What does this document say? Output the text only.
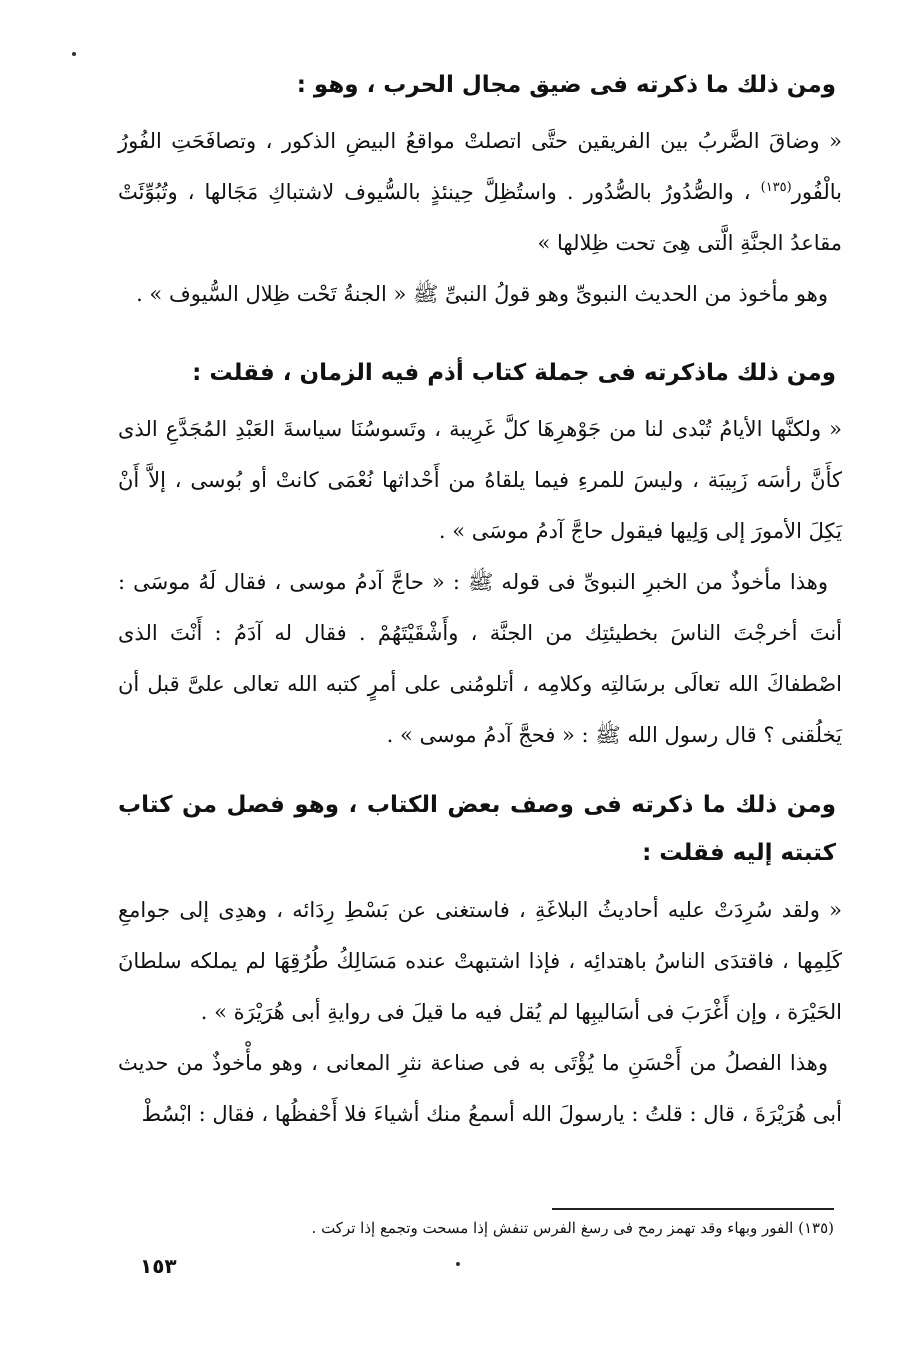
ومن ذلك ما ذكرته فى ضيق مجال الحرب ، وهو :

« وضاقَ الضَّربُ بين الفريقين حتَّى اتصلتْ مواقعُ البيضِ الذكور ، وتصافَحَتِ الفُورُ بالْفُور$^{(١٣٥)}$ ، والصُّدُورُ بالصُّدُور . واستُظِلَّ حِينئذٍ بالسُّيوف لاشتباكِ مَجَالها ، وتُبُوِّئَتْ مقاعدُ الجنَّةِ الَّتى هِىَ تحت ظِلالها »

وهو مأخوذ من الحديث النبوىِّ وهو قولُ النبىِّ ﷺ « الجنةُ تَحْت ظِلال السُّيوف » .

ومن ذلك ماذكرته فى جملة كتاب أذم فيه الزمان ، فقلت :

« ولكنَّها الأيامُ تُبْدى لنا من جَوْهرِهَا كلَّ غَرِيبة ، وتَسوسُنَا سياسةَ العَبْدِ المُجَدَّعِ الذى كأَنَّ رأسَه زَبِيبَة ، وليسَ للمرءِ فيما يلقاهُ من أَحْداثها نُعْمَى كانتْ أو بُوسى ، إلاَّ أَنْ يَكِلَ الأمورَ إلى وَلِيها فيقول حاجَّ آدمُ موسَى » .

وهذا مأخوذٌ من الخبرِ النبوىِّ فى قوله ﷺ : « حاجَّ آدمُ موسى ، فقال لَهُ موسَى : أنتَ أخرجْتَ الناسَ بخطيئتِك من الجنَّة ، وأَشْقَيْتَهُمْ . فقال له آدَمُ : أَنْتَ الذى اصْطفاكَ الله تعالَى برسَالتِه وكلامِه ، أتلومُنى على أمرٍ كتبه الله تعالى علىَّ قبل أن يَخلُقنى ؟ قال رسول الله ﷺ : « فحجَّ آدمُ موسى » .

ومن ذلك ما ذكرته فى وصف بعض الكتاب ، وهو فصل من كتاب كتبته إليه فقلت :

« ولقد سُرِدَتْ عليه أحاديثُ البلاغَةِ ، فاستغنى عن بَسْطِ رِدَائه ، وهدِى إلى جوامعِ كَلِمِها ، فاقتدَى الناسُ باهتدائِه ، فإذا اشتبهتْ عنده مَسَالِكُ طُرُقِهَا لم يملكه سلطانَ الحَيْرَة ، وإن أَغْرَبَ فى أسَاليبِها لم يُقل فيه ما قيلَ فى روايةِ أبى هُرَيْرَة » .

وهذا الفصلُ من أَحْسَنِ ما يُؤْتَى به فى صناعة نثرِ المعانى ، وهو مأْخوذٌ من حديث أبى هُرَيْرَةَ ، قال : قلتُ : يارسولَ الله أسمعُ منك أشياءَ فلا أَحْفظُها ، فقال : ابْسُطْ

(١٣٥) الفور وبهاء وقد تهمز رمح فى رسغ الفرس تنفش إذا مسحت وتجمع إذا تركت .

١٥٣
